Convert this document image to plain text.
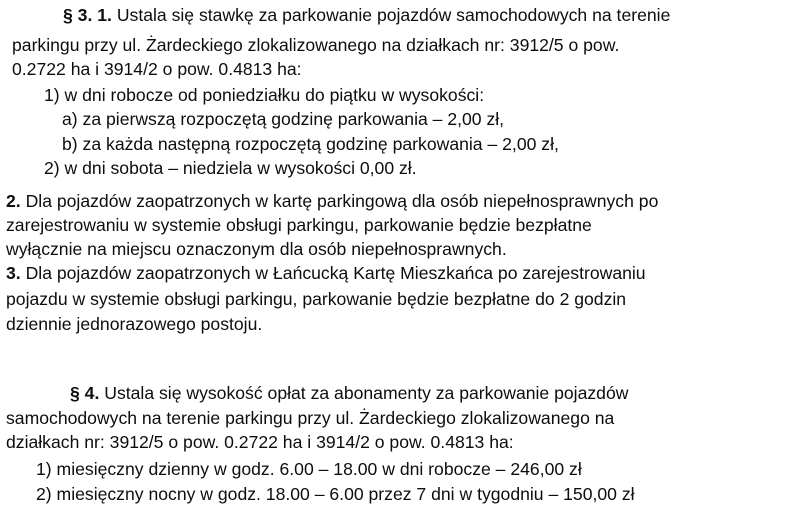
§ 3. 1. Ustala się stawkę za parkowanie pojazdów samochodowych na terenie

parkingu przy ul. Żardeckiego zlokalizowanego na działkach nr: 3912/5 o pow.

0.2722 ha i 3914/2 o pow. 0.4813 ha:

1) w dni robocze od poniedziałku do piątku w wysokości:

a) za pierwszą rozpoczętą godzinę parkowania – 2,00 zł,

b) za każda następną rozpoczętą godzinę parkowania – 2,00 zł,

2) w dni sobota – niedziela w wysokości 0,00 zł.

2. Dla pojazdów zaopatrzonych w kartę parkingową dla osób niepełnosprawnych po

zarejestrowaniu w systemie obsługi parkingu, parkowanie będzie bezpłatne

wyłącznie na miejscu oznaczonym dla osób niepełnosprawnych.

3. Dla pojazdów zaopatrzonych w Łańcucką Kartę Mieszkańca po zarejestrowaniu

pojazdu w systemie obsługi parkingu, parkowanie będzie bezpłatne do 2 godzin

dziennie jednorazowego postoju.

§ 4. Ustala się wysokość opłat za abonamenty za parkowanie pojazdów

samochodowych na terenie parkingu przy ul. Żardeckiego zlokalizowanego na

działkach nr: 3912/5 o pow. 0.2722 ha i 3914/2 o pow. 0.4813 ha:

1) miesięczny dzienny w godz. 6.00 – 18.00 w dni robocze – 246,00 zł

2) miesięczny nocny w godz. 18.00 – 6.00 przez 7 dni w tygodniu – 150,00 zł
